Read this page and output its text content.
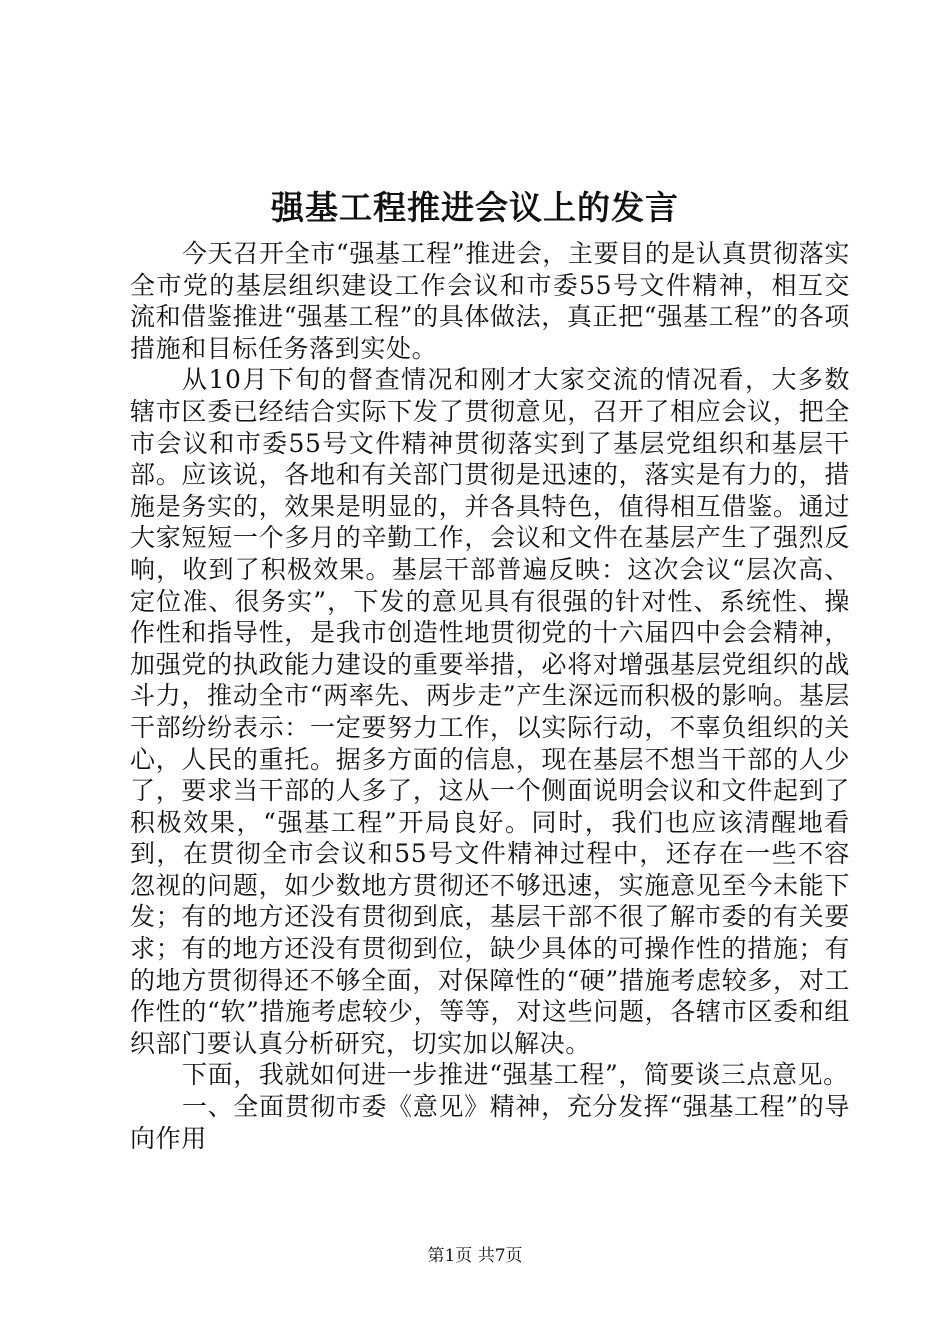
强基工程推进会议上的发言

今天召开全市“强基工程”推进会，主要目的是认真贯彻落实全市党的基层组织建设工作会议和市委55号文件精神，相互交流和借鉴推进“强基工程”的具体做法，真正把“强基工程”的各项措施和目标任务落到实处。

从10月下旬的督查情况和刚才大家交流的情况看，大多数辖市区委已经结合实际下发了贯彻意见，召开了相应会议，把全市会议和市委55号文件精神贯彻落实到了基层党组织和基层干部。应该说，各地和有关部门贯彻是迅速的，落实是有力的，措施是务实的，效果是明显的，并各具特色，值得相互借鉴。通过大家短短一个多月的辛勤工作，会议和文件在基层产生了强烈反响，收到了积极效果。基层干部普遍反映：这次会议“层次高、定位准、很务实”，下发的意见具有很强的针对性、系统性、操作性和指导性，是我市创造性地贯彻党的十六届四中会会精神，加强党的执政能力建设的重要举措，必将对增强基层党组织的战斗力，推动全市“两率先、两步走”产生深远而积极的影响。基层干部纷纷表示：一定要努力工作，以实际行动，不辜负组织的关心，人民的重托。据多方面的信息，现在基层不想当干部的人少了，要求当干部的人多了，这从一个侧面说明会议和文件起到了积极效果，“强基工程”开局良好。同时，我们也应该清醒地看到，在贯彻全市会议和55号文件精神过程中，还存在一些不容忽视的问题，如少数地方贯彻还不够迅速，实施意见至今未能下发；有的地方还没有贯彻到底，基层干部不很了解市委的有关要求；有的地方还没有贯彻到位，缺少具体的可操作性的措施；有的地方贯彻得还不够全面，对保障性的“硬”措施考虑较多，对工作性的“软”措施考虑较少，等等，对这些问题，各辖市区委和组织部门要认真分析研究，切实加以解决。

下面，我就如何进一步推进“强基工程”，简要谈三点意见。

一、全面贯彻市委《意见》精神，充分发挥“强基工程”的导向作用

第1页 共7页
